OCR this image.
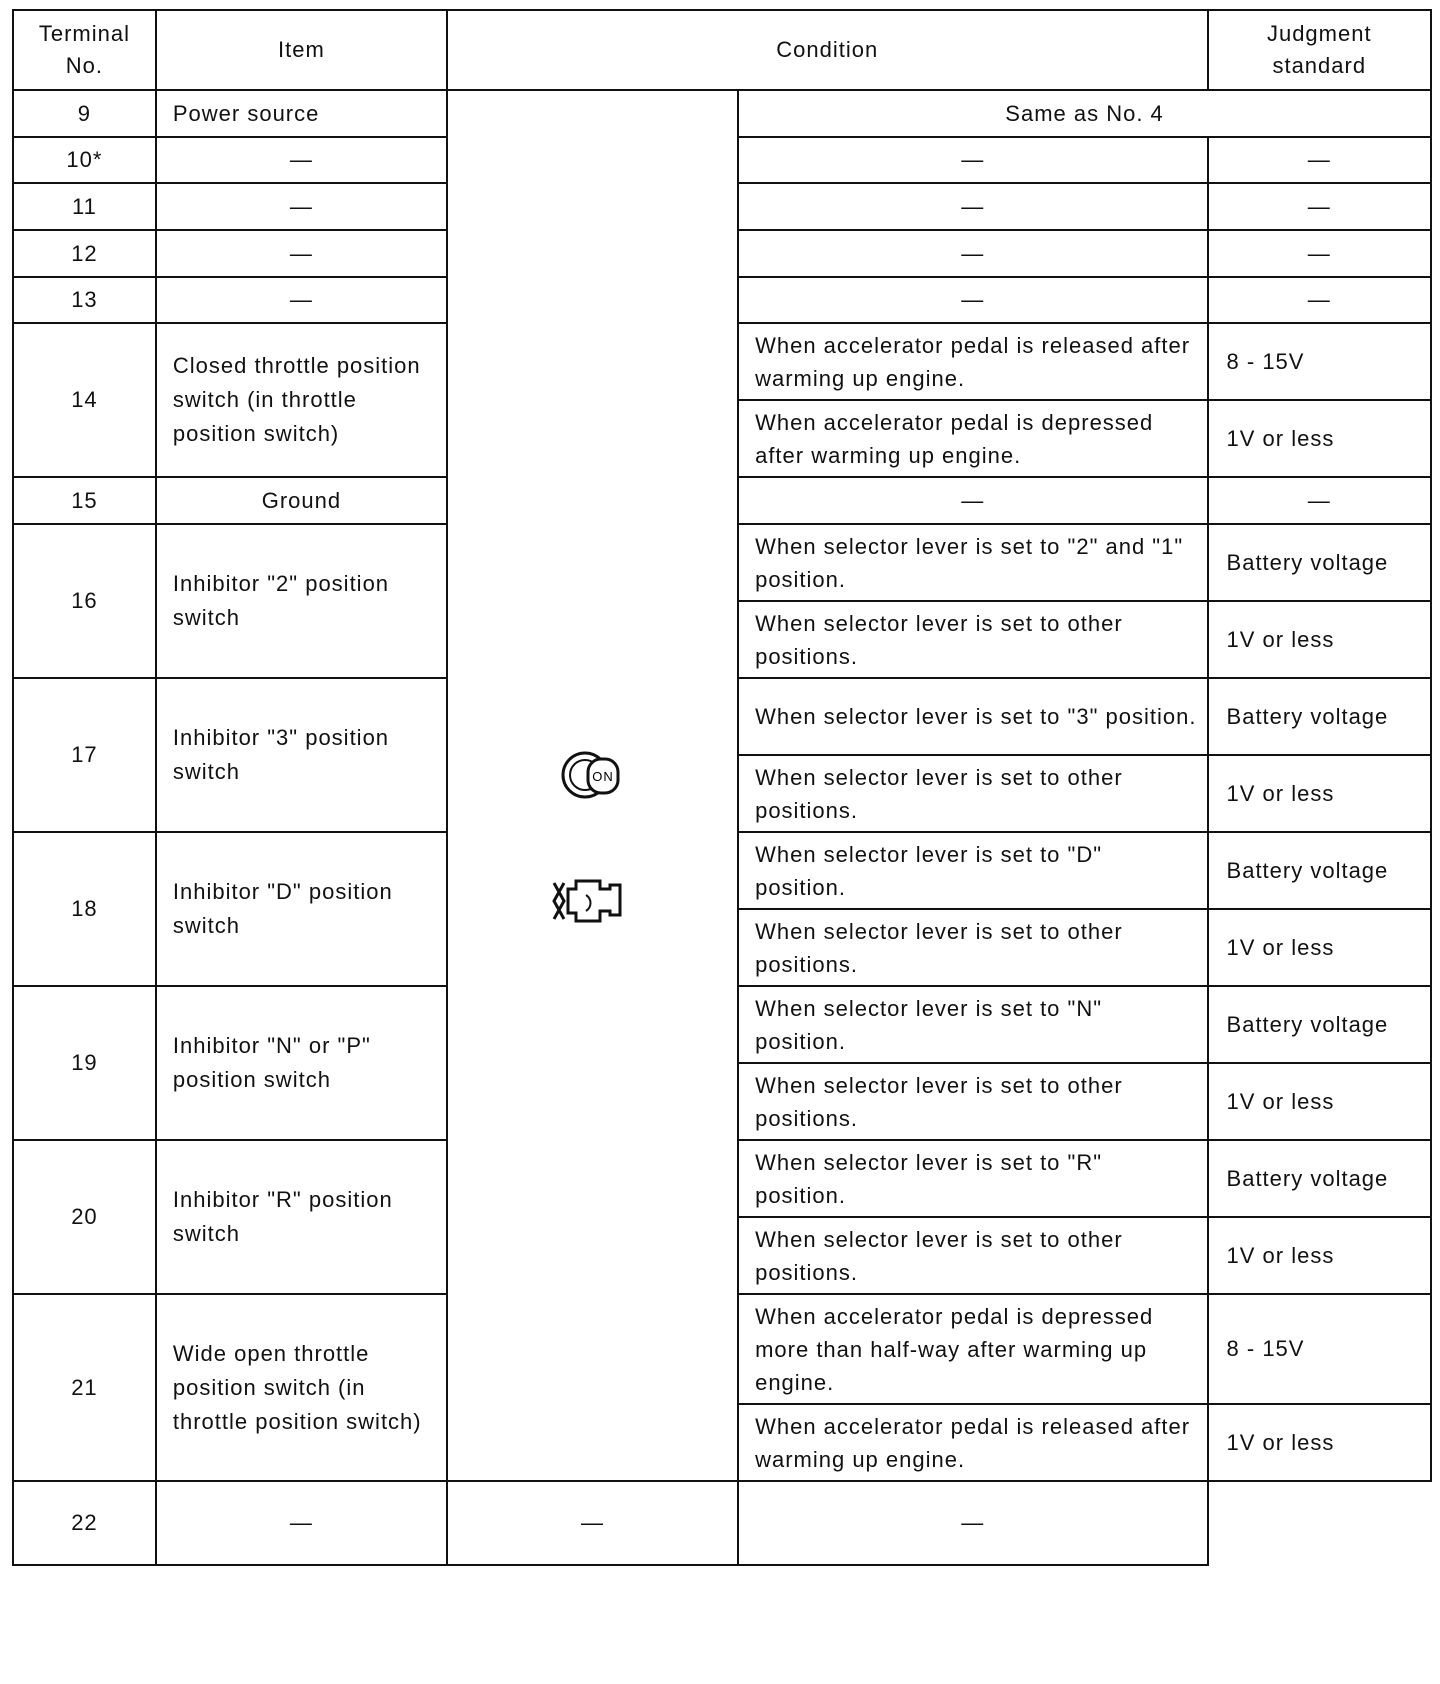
Terminal No.	Item	Condition		Judgment standard
9	Power source	ON	Same as No. 4	
10*	—		—	—
11	—		—	—
12	—		—	—
13	—		—	—
14	Closed throttle position switch (in throttle position switch)		When accelerator pedal is released after warming up engine.	8 - 15V
			When accelerator pedal is depressed after warming up engine.	1V or less
15	Ground		—	—
16	Inhibitor "2" position switch		When selector lever is set to "2" and "1" position.	Battery voltage
			When selector lever is set to other positions.	1V or less
17	Inhibitor "3" position switch		When selector lever is set to "3" position.	Battery voltage
			When selector lever is set to other positions.	1V or less
18	Inhibitor "D" position switch		When selector lever is set to "D" position.	Battery voltage
			When selector lever is set to other positions.	1V or less
19	Inhibitor "N" or "P" position switch		When selector lever is set to "N" position.	Battery voltage
			When selector lever is set to other positions.	1V or less
20	Inhibitor "R" position switch		When selector lever is set to "R" position.	Battery voltage
			When selector lever is set to other positions.	1V or less
21	Wide open throttle position switch (in throttle position switch)		When accelerator pedal is depressed more than half-way after warming up engine.	8 - 15V
			When accelerator pedal is released after warming up engine.	1V or less
22	—	—	—	
